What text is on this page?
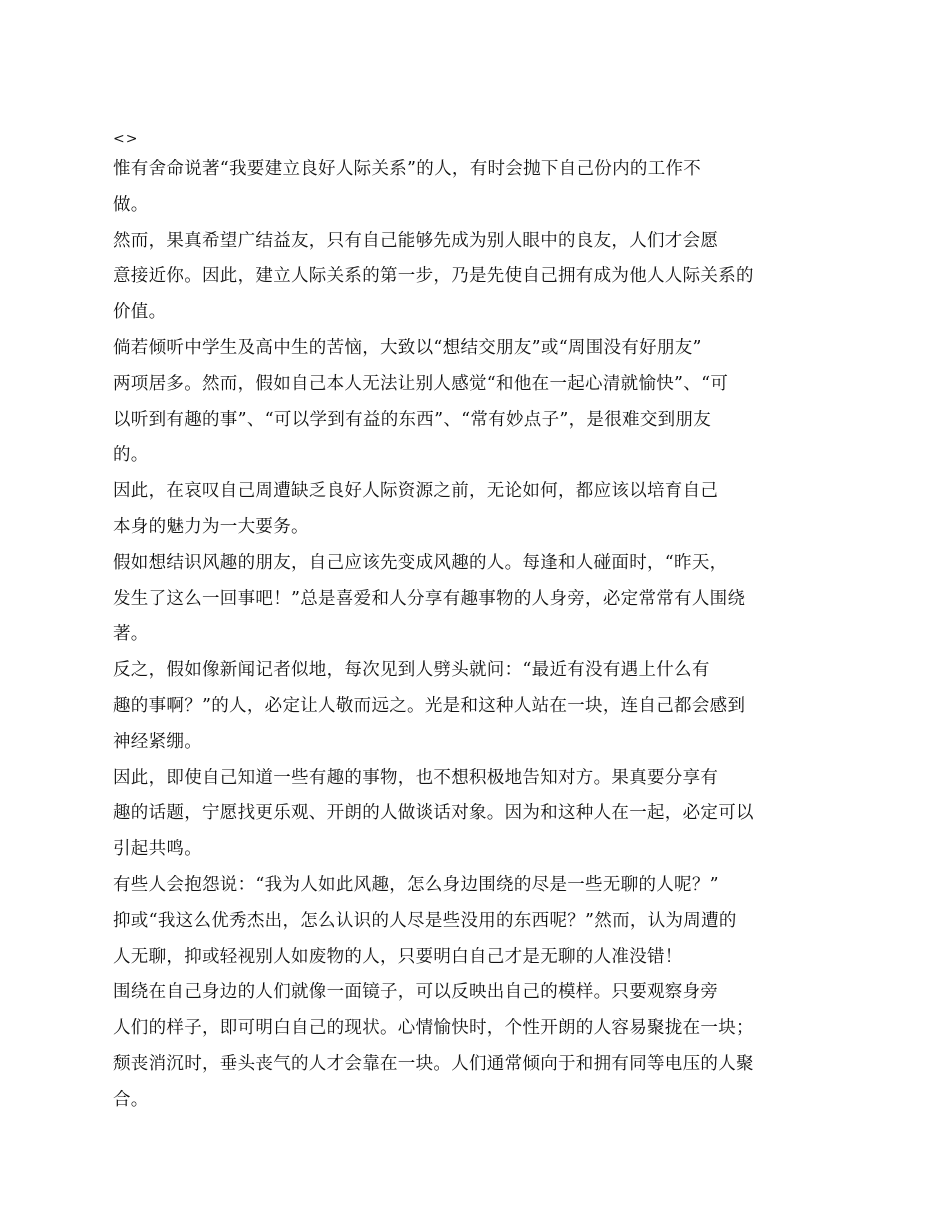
<>
惟有舍命说著“我要建立良好人际关系”的人，有时会抛下自己份内的工作不
做。
然而，果真希望广结益友，只有自己能够先成为别人眼中的良友，人们才会愿
意接近你。因此，建立人际关系的第一步，乃是先使自己拥有成为他人人际关系的
价值。
倘若倾听中学生及高中生的苦恼，大致以“想结交朋友”或“周围没有好朋友”
两项居多。然而，假如自己本人无法让别人感觉“和他在一起心清就愉快”、“可
以听到有趣的事”、“可以学到有益的东西”、“常有妙点子”，是很难交到朋友
的。
因此，在哀叹自己周遭缺乏良好人际资源之前，无论如何，都应该以培育自己
本身的魅力为一大要务。
假如想结识风趣的朋友，自己应该先变成风趣的人。每逢和人碰面时，“昨天，
发生了这么一回事吧！”总是喜爱和人分享有趣事物的人身旁，必定常常有人围绕
著。
反之，假如像新闻记者似地，每次见到人劈头就问：“最近有没有遇上什么有
趣的事啊？”的人，必定让人敬而远之。光是和这种人站在一块，连自己都会感到
神经紧绷。
因此，即使自己知道一些有趣的事物，也不想积极地告知对方。果真要分享有
趣的话题，宁愿找更乐观、开朗的人做谈话对象。因为和这种人在一起，必定可以
引起共鸣。
有些人会抱怨说：“我为人如此风趣，怎么身边围绕的尽是一些无聊的人呢？”
抑或“我这么优秀杰出，怎么认识的人尽是些没用的东西呢？”然而，认为周遭的
人无聊，抑或轻视别人如废物的人，只要明白自己才是无聊的人准没错！
围绕在自己身边的人们就像一面镜子，可以反映出自己的模样。只要观察身旁
人们的样子，即可明白自己的现状。心情愉快时，个性开朗的人容易聚拢在一块；
颓丧消沉时，垂头丧气的人才会靠在一块。人们通常倾向于和拥有同等电压的人聚
合。
